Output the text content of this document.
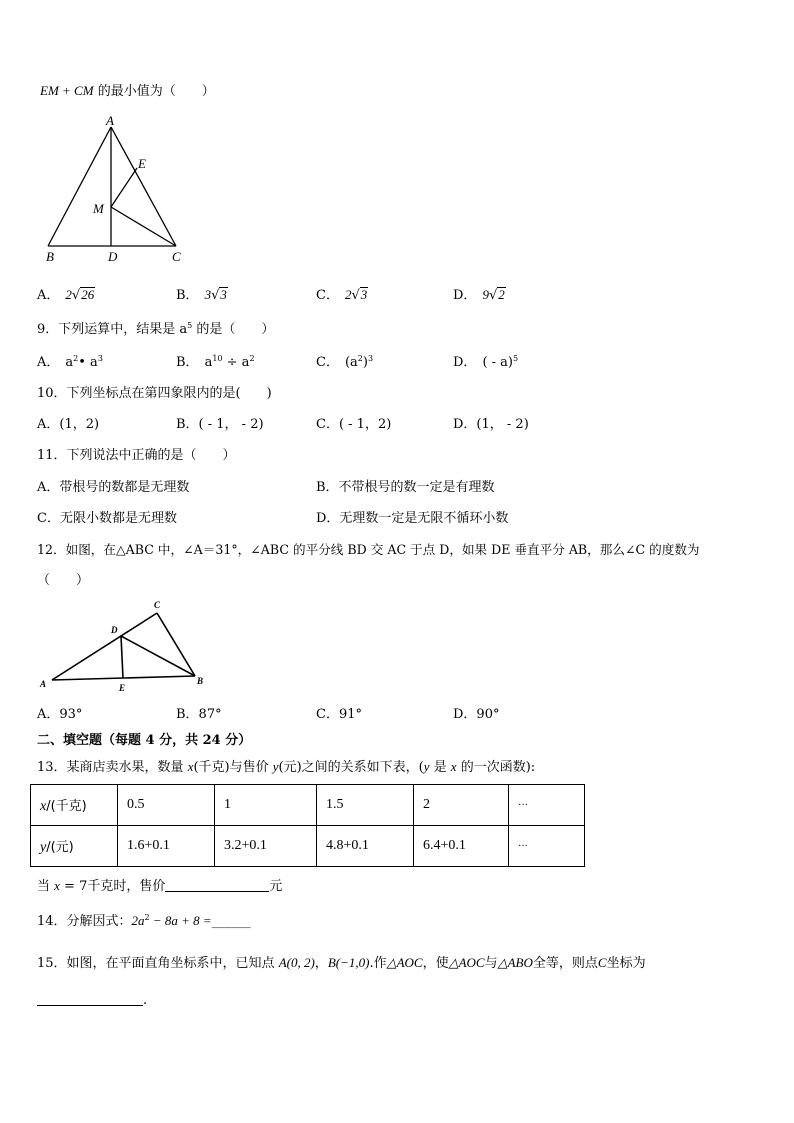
EM + CM 的最小值为（　　）
A
E
M
B	D	C
A． 2√26	B． 3√3	C． 2√3	D． 9√2
9．下列运算中，结果是 $a^5$ 的是（　　）
A． $a^2•$ $a^3$	B． $a^{10} \div a^2$	C． $(a^2)^3$	D． ( - a)$^5$
10．下列坐标点在第四象限内的是(　　)
A．(1，2)	B．( - 1， - 2)	C．( - 1，2)	D．(1， - 2)
11．下列说法中正确的是（　　）
A．带根号的数都是无理数	B．不带根号的数一定是有理数
C．无限小数都是无理数	D．无理数一定是无限不循环小数
12．如图，在△ABC 中，∠A＝31°，∠ABC 的平分线 BD 交 AC 于点 D，如果 DE 垂直平分 AB，那么∠C 的度数为
（　　）
C
D
A	E
B
A．93°	B．87°	C．91°	D．90°
二、填空题（每题 4 分，共 24 分）
13．某商店卖水果，数量 x(千克)与售价 y(元)之间的关系如下表，(y 是 x 的一次函数):
x/(千克)	0.5	1	1.5	2	···
y/(元)	1.6+0.1	3.2+0.1	4.8+0.1	6.4+0.1	···
当 x = 7千克时，售价	元
14．分解因式：$2a^2 - 8a + 8$ =______
15．如图，在平面直角坐标系中，已知点 A(0, 2)，B(−1,0).作△AOC，使△AOC与△ABO全等，则点C坐标为
.
